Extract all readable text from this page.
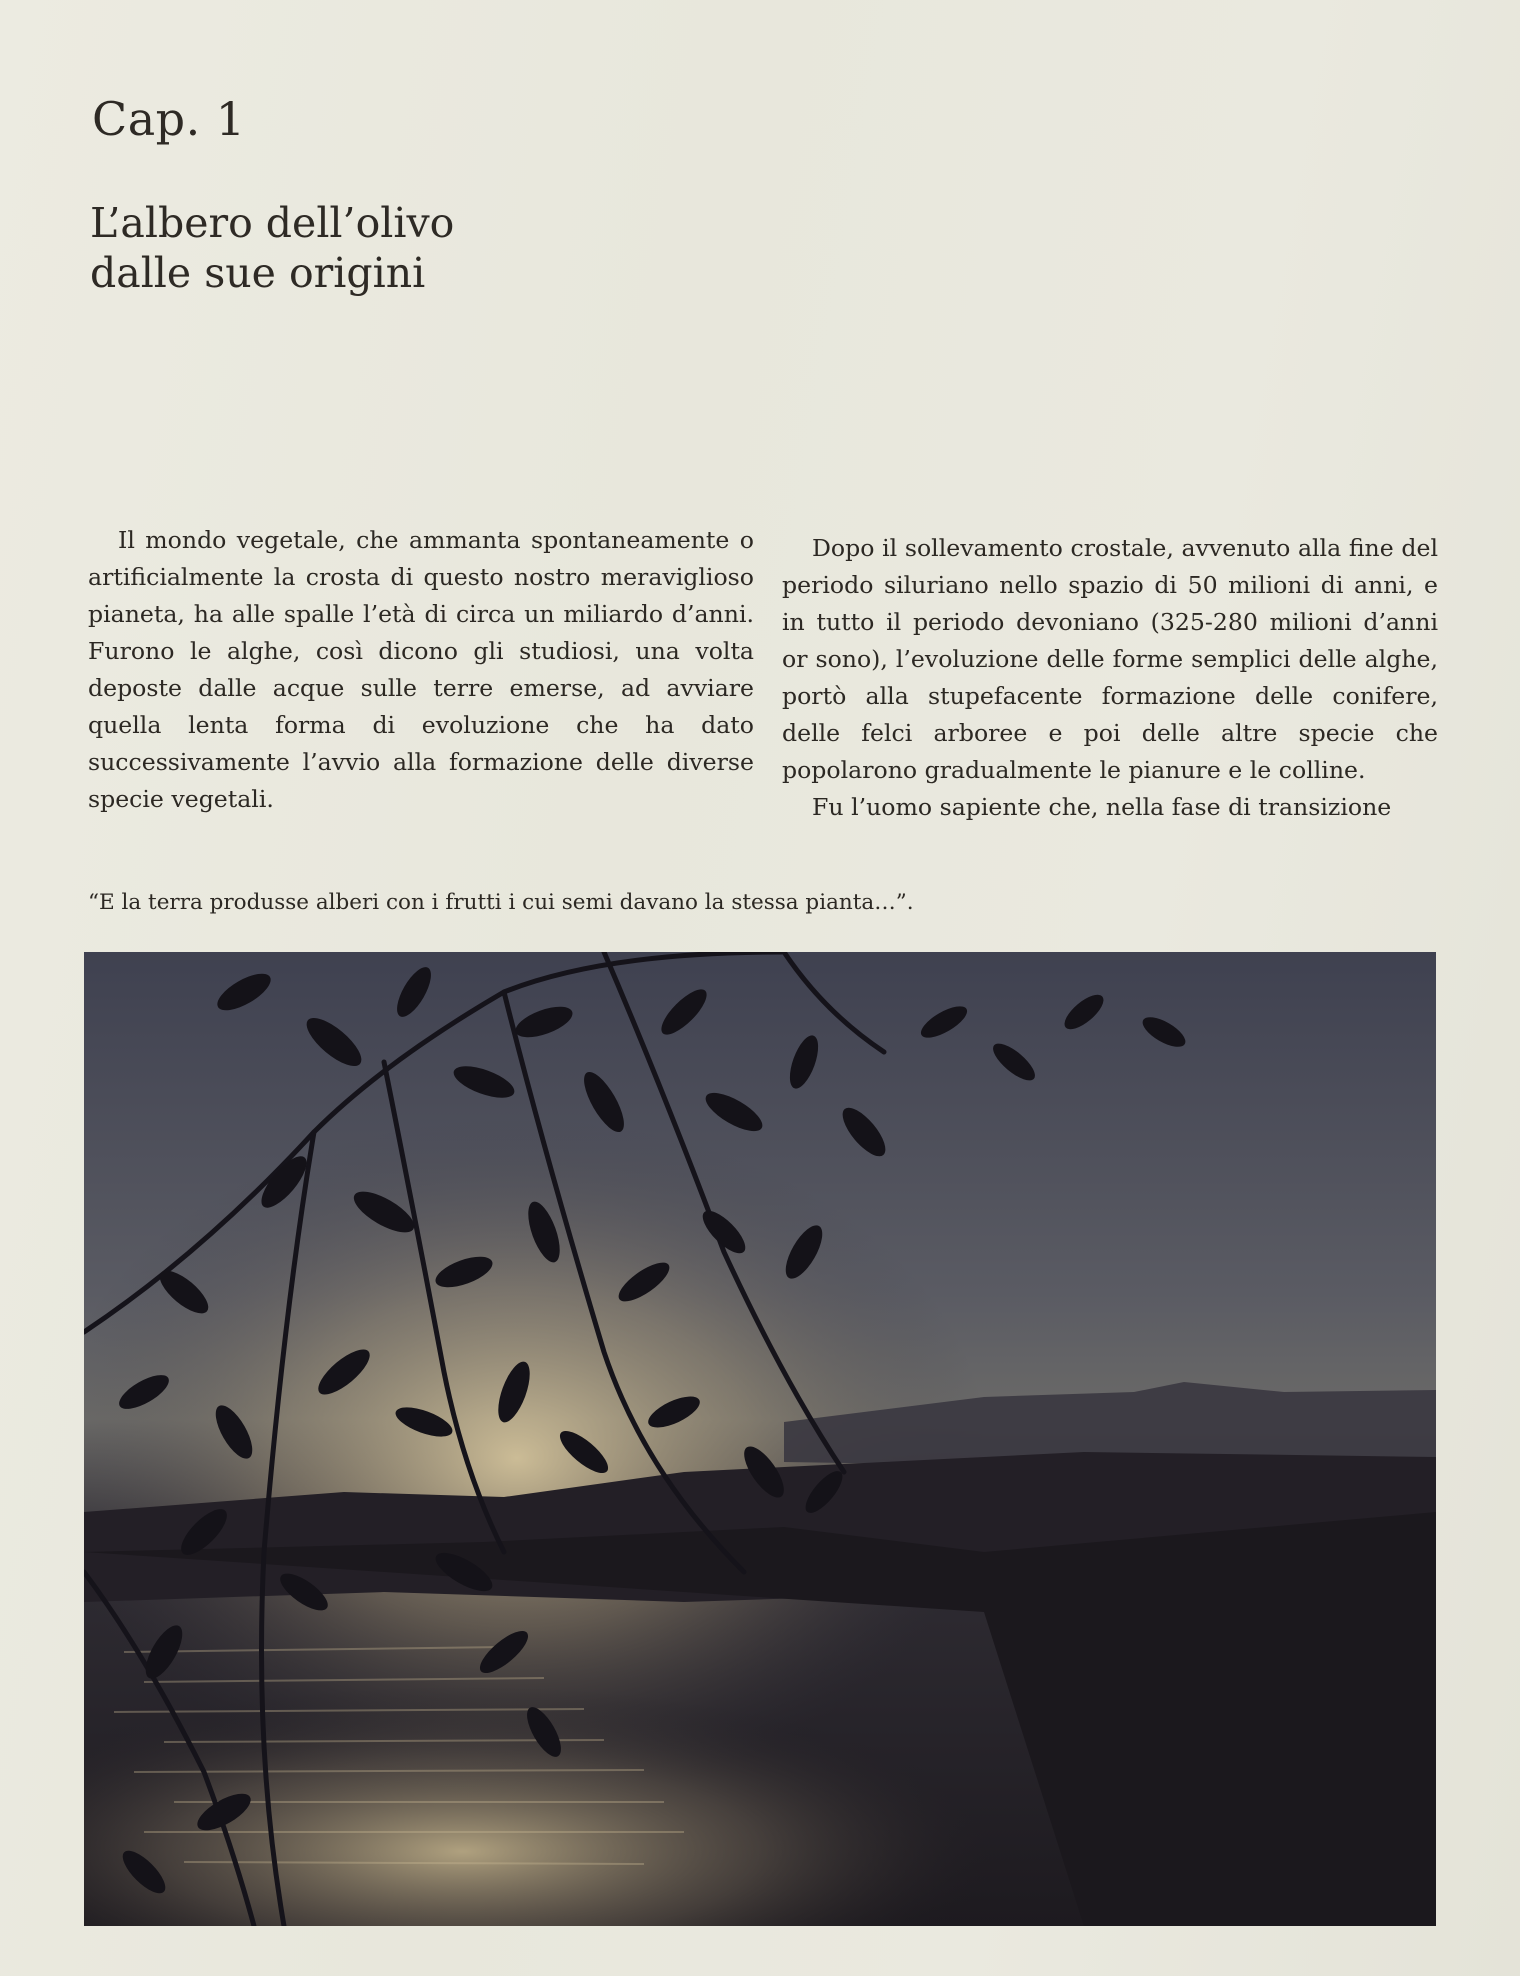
Cap. 1
L’albero dell’olivo
dalle sue origini

Il mondo vegetale, che ammanta spontaneamente o artificialmente la crosta di questo nostro meraviglioso pianeta, ha alle spalle l’età di circa un miliardo d’anni. Furono le alghe, così dicono gli studiosi, una volta deposte dalle acque sulle terre emerse, ad avviare quella lenta forma di evoluzione che ha dato successivamente l’avvio alla formazione delle diverse specie vegetali.

Dopo il sollevamento crostale, avvenuto alla fine del periodo siluriano nello spazio di 50 milioni di anni, e in tutto il periodo devoniano (325-280 milioni d’anni or sono), l’evoluzione delle forme semplici delle alghe, portò alla stupefacente formazione delle conifere, delle felci arboree e poi delle altre specie che popolarono gradualmente le pianure e le colline.

Fu l’uomo sapiente che, nella fase di transizione

“E la terra produsse alberi con i frutti i cui semi davano la stessa pianta…”.
